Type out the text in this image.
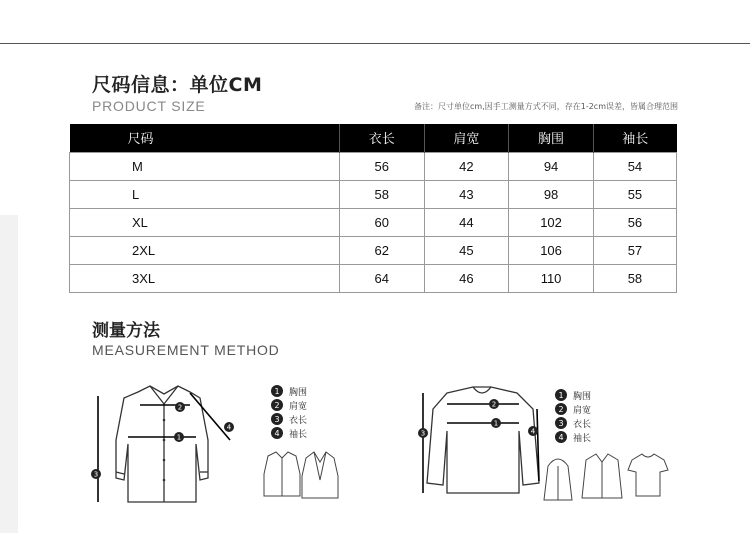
尺码信息：单位CM
PRODUCT SIZE	备注：尺寸单位cm,因手工测量方式不同，存在1-2cm误差，皆属合理范围
尺码	衣长	肩宽	胸围	袖长
M	56	42	94	54
L	58	43	98	55
XL	60	44	102	56
2XL	62	45	106	57
3XL	64	46	110	58
测量方法
MEASUREMENT METHOD
1
2
3
4
1	胸围
2	肩宽
3	衣长
4	袖长
1
2
3	4
1	胸围
2	肩宽
3	衣长
4	袖长
